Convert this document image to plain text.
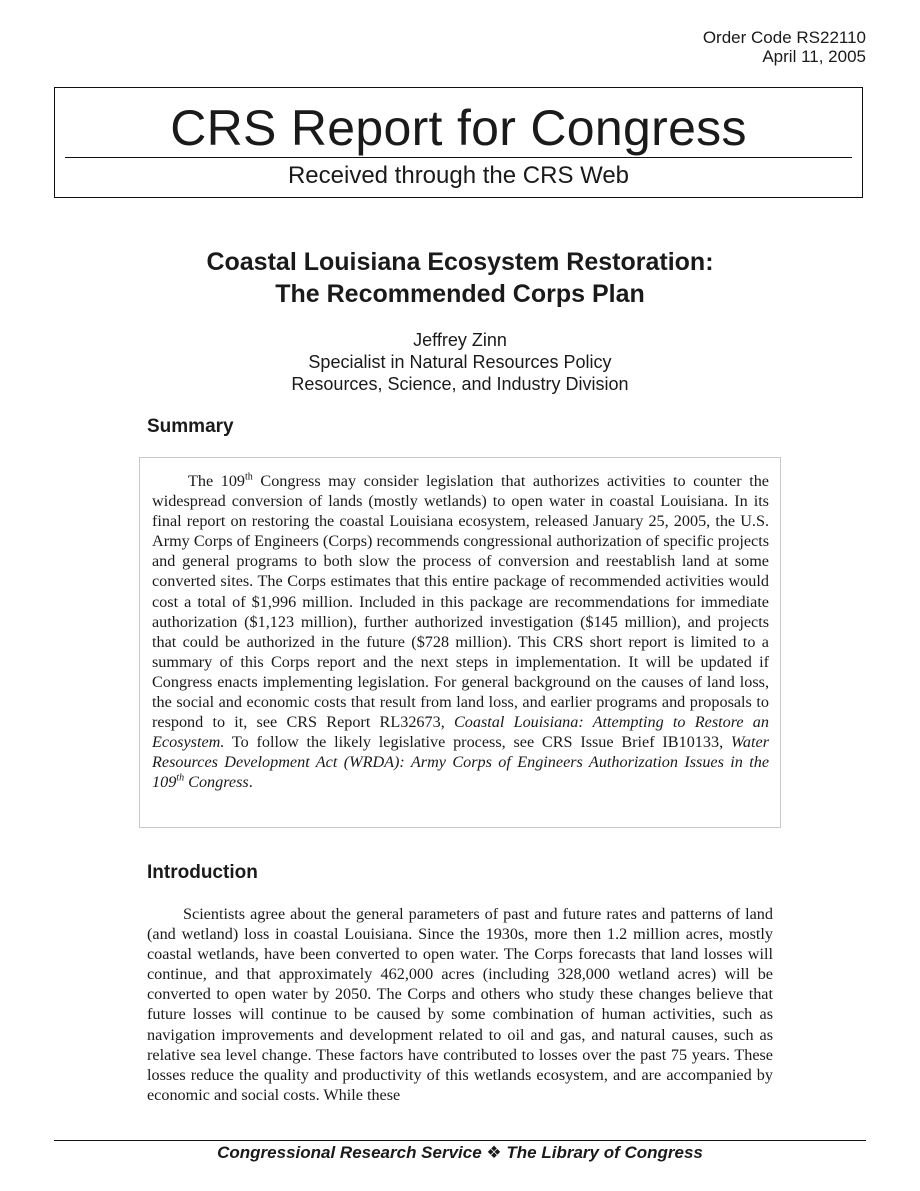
Order Code RS22110
April 11, 2005
CRS Report for Congress
Received through the CRS Web
Coastal Louisiana Ecosystem Restoration:
The Recommended Corps Plan
Jeffrey Zinn
Specialist in Natural Resources Policy
Resources, Science, and Industry Division
Summary

The 109th Congress may consider legislation that authorizes activities to counter the widespread conversion of lands (mostly wetlands) to open water in coastal Louisiana. In its final report on restoring the coastal Louisiana ecosystem, released January 25, 2005, the U.S. Army Corps of Engineers (Corps) recommends congressional authorization of specific projects and general programs to both slow the process of conversion and reestablish land at some converted sites. The Corps estimates that this entire package of recommended activities would cost a total of $1,996 million. Included in this package are recommendations for immediate authorization ($1,123 million), further authorized investigation ($145 million), and projects that could be authorized in the future ($728 million). This CRS short report is limited to a summary of this Corps report and the next steps in implementation. It will be updated if Congress enacts implementing legislation. For general background on the causes of land loss, the social and economic costs that result from land loss, and earlier programs and proposals to respond to it, see CRS Report RL32673, Coastal Louisiana: Attempting to Restore an Ecosystem. To follow the likely legislative process, see CRS Issue Brief IB10133, Water Resources Development Act (WRDA): Army Corps of Engineers Authorization Issues in the 109th Congress.

Introduction

Scientists agree about the general parameters of past and future rates and patterns of land (and wetland) loss in coastal Louisiana. Since the 1930s, more then 1.2 million acres, mostly coastal wetlands, have been converted to open water. The Corps forecasts that land losses will continue, and that approximately 462,000 acres (including 328,000 wetland acres) will be converted to open water by 2050. The Corps and others who study these changes believe that future losses will continue to be caused by some combination of human activities, such as navigation improvements and development related to oil and gas, and natural causes, such as relative sea level change. These factors have contributed to losses over the past 75 years. These losses reduce the quality and productivity of this wetlands ecosystem, and are accompanied by economic and social costs. While these

Congressional Research Service ❖ The Library of Congress
